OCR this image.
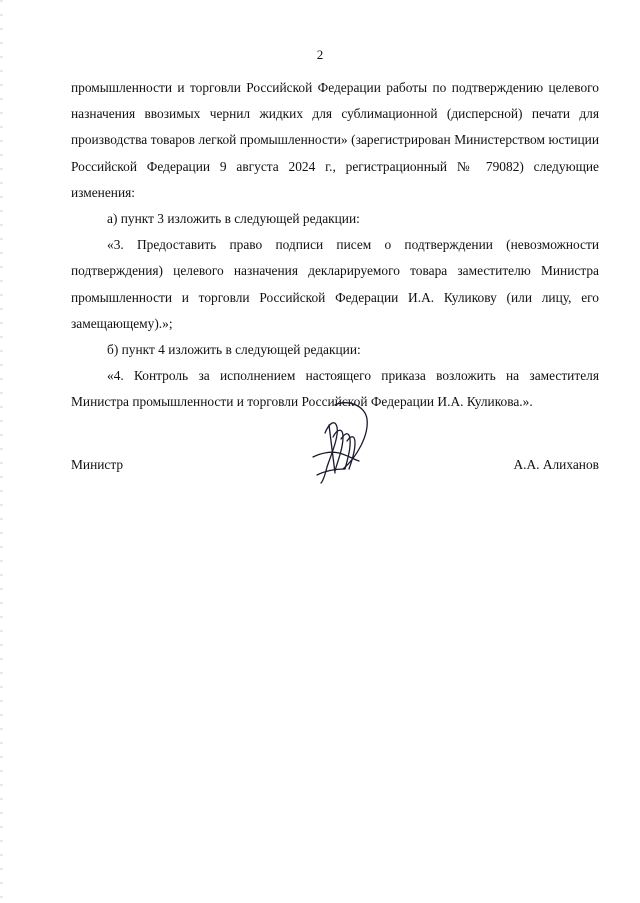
2

промышленности и торговли Российской Федерации работы по подтверждению целевого назначения ввозимых чернил жидких для сублимационной (дисперсной) печати для производства товаров легкой промышленности» (зарегистрирован Министерством юстиции Российской Федерации 9 августа 2024 г., регистрационный № 79082) следующие изменения:

а) пункт 3 изложить в следующей редакции:

«3. Предоставить право подписи писем о подтверждении (невозможности подтверждения) целевого назначения декларируемого товара заместителю Министра промышленности и торговли Российской Федерации И.А. Куликову (или лицу, его замещающему).»;

б) пункт 4 изложить в следующей редакции:

«4. Контроль за исполнением настоящего приказа возложить на заместителя Министра промышленности и торговли Российской Федерации И.А. Куликова.».

Министр	А.А. Алиханов
